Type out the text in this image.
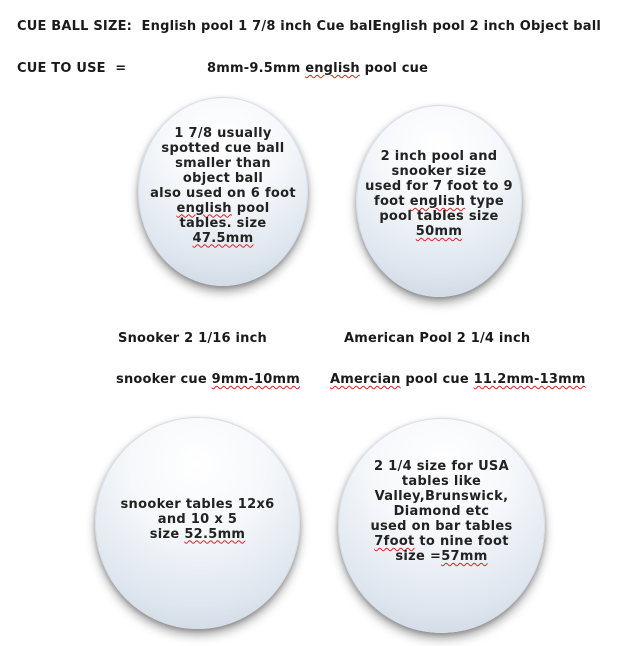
CUE BALL SIZE: English pool 1 7/8 inch Cue ball
English pool 2 inch Object ball
CUE TO USE =	8mm-9.5mm english pool cue
1 7/8 usually
spotted cue ball
smaller than
object ball
also used on 6 foot
english pool
tables. size
47.5mm
2 inch pool and
snooker size
used for 7 foot to 9
foot english type
pool tables size
50mm
Snooker 2 1/16 inch	American Pool 2 1/4 inch
snooker cue 9mm-10mm Amercian pool cue 11.2mm-13mm
snooker tables 12x6
and 10 x 5
size 52.5mm
2 1/4 size for USA
tables like
Valley,Brunswick,
Diamond etc
used on bar tables
7foot to nine foot
size =57mm
